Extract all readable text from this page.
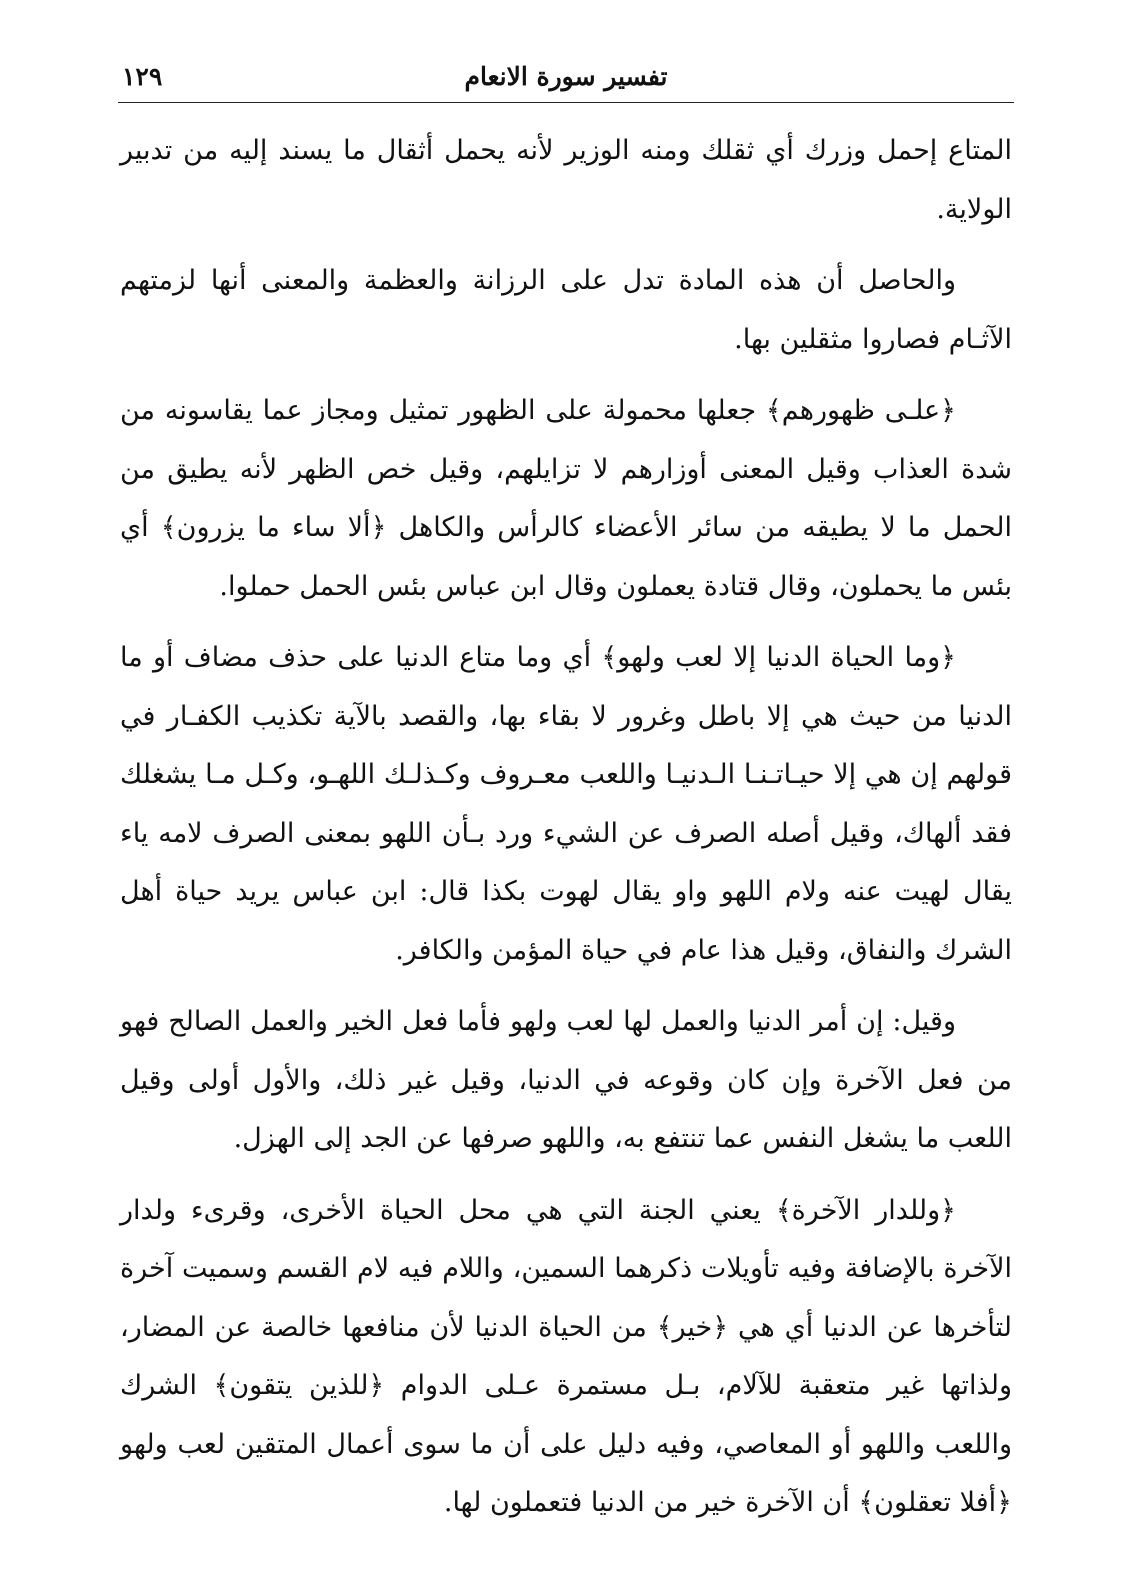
تفسير سورة الانعام
١٢٩

المتاع إحمل وزرك أي ثقلك ومنه الوزير لأنه يحمل أثقال ما يسند إليه من تدبير الولاية.

والحاصل أن هذه المادة تدل على الرزانة والعظمة والمعنى أنها لزمتهم الآثـام فصاروا مثقلين بها.

﴿علـى ظهورهم﴾ جعلها محمولة على الظهور تمثيل ومجاز عما يقاسونه من شدة العذاب وقيل المعنى أوزارهم لا تزايلهم، وقيل خص الظهر لأنه يطيق من الحمل ما لا يطيقه من سائر الأعضاء كالرأس والكاهل ﴿ألا ساء ما يزرون﴾ أي بئس ما يحملون، وقال قتادة يعملون وقال ابن عباس بئس الحمل حملوا.

﴿وما الحياة الدنيا إلا لعب ولهو﴾ أي وما متاع الدنيا على حذف مضاف أو ما الدنيا من حيث هي إلا باطل وغرور لا بقاء بها، والقصد بالآية تكذيب الكفـار في قولهم إن هي إلا حيـاتـنـا الـدنيـا واللعب معـروف وكـذلـك اللهـو، وكـل مـا يشغلك فقد ألهاك، وقيل أصله الصرف عن الشيء ورد بـأن اللهو بمعنى الصرف لامه ياء يقال لهيت عنه ولام اللهو واو يقال لهوت بكذا قال: ابن عباس يريد حياة أهل الشرك والنفاق، وقيل هذا عام في حياة المؤمن والكافر.

وقيل: إن أمر الدنيا والعمل لها لعب ولهو فأما فعل الخير والعمل الصالح فهو من فعل الآخرة وإن كان وقوعه في الدنيا، وقيل غير ذلك، والأول أولى وقيل اللعب ما يشغل النفس عما تنتفع به، واللهو صرفها عن الجد إلى الهزل.

﴿وللدار الآخرة﴾ يعني الجنة التي هي محل الحياة الأخرى، وقرىء ولدار الآخرة بالإضافة وفيه تأويلات ذكرهما السمين، واللام فيه لام القسم وسميت آخرة لتأخرها عن الدنيا أي هي ﴿خير﴾ من الحياة الدنيا لأن منافعها خالصة عن المضار، ولذاتها غير متعقبة للآلام، بـل مستمرة عـلى الدوام ﴿للذين يتقون﴾ الشرك واللعب واللهو أو المعاصي، وفيه دليل على أن ما سوى أعمال المتقين لعب ولهو ﴿أفلا تعقلون﴾ أن الآخرة خير من الدنيا فتعملون لها.
